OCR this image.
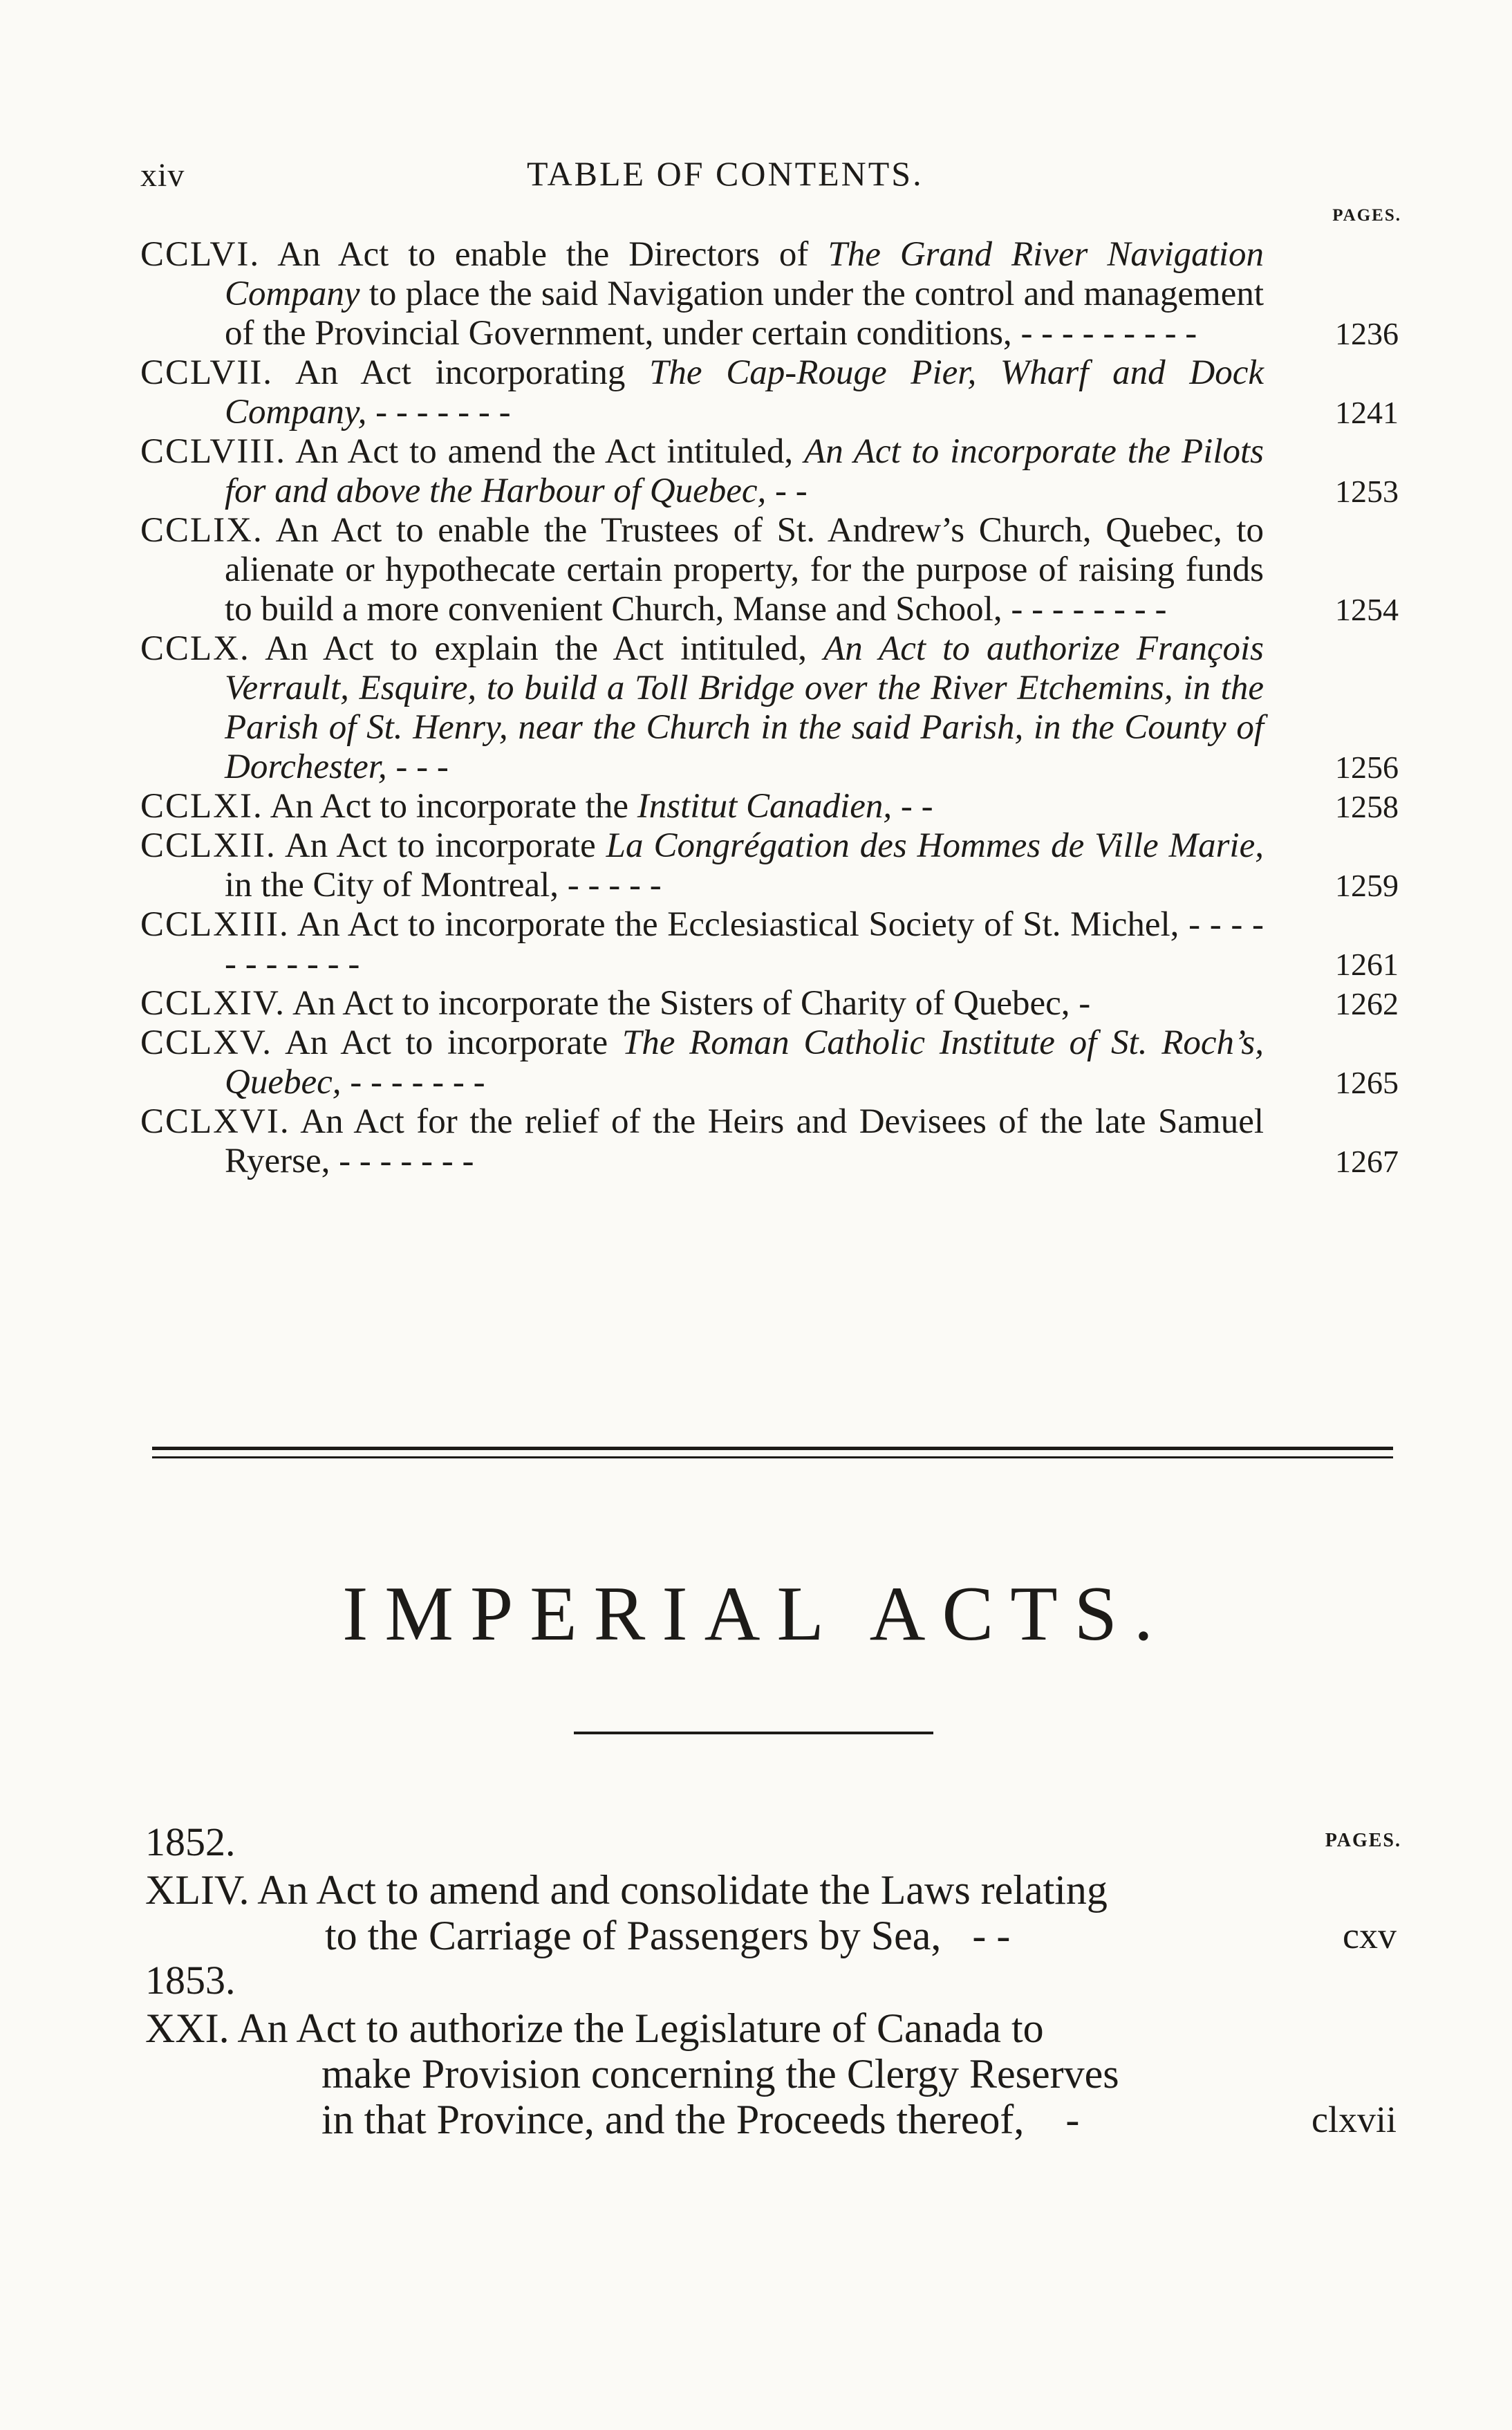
xiv	TABLE OF CONTENTS.
PAGES.
CCLVI. An Act to enable the Directors of The Grand River Navigation Company to place the said Navigation under the control and management of the Provincial Government, under certain conditions, - - - - - - - - -	1236
CCLVII. An Act incorporating The Cap-Rouge Pier, Wharf and Dock Company, - - - - - - -	1241
CCLVIII. An Act to amend the Act intituled, An Act to incorporate the Pilots for and above the Harbour of Quebec, - -	1253
CCLIX. An Act to enable the Trustees of St. Andrew’s Church, Quebec, to alienate or hypothecate certain property, for the purpose of raising funds to build a more convenient Church, Manse and School, - - - - - - - -	1254
CCLX. An Act to explain the Act intituled, An Act to authorize François Verrault, Esquire, to build a Toll Bridge over the River Etchemins, in the Parish of St. Henry, near the Church in the said Parish, in the County of Dorchester, - - -	1256
CCLXI. An Act to incorporate the Institut Canadien, - -	1258
CCLXII. An Act to incorporate La Congrégation des Hommes de Ville Marie, in the City of Montreal, - - - - -	1259
CCLXIII. An Act to incorporate the Ecclesiastical Society of St. Michel, - - - - - - - - - - -	1261
CCLXIV. An Act to incorporate the Sisters of Charity of Quebec, -	1262
CCLXV. An Act to incorporate The Roman Catholic Institute of St. Roch’s, Quebec, - - - - - - -	1265
CCLXVI. An Act for the relief of the Heirs and Devisees of the late Samuel Ryerse, - - - - - - -	1267
IMPERIAL ACTS.
1852.	PAGES.
XLIV. An Act to amend and consolidate the Laws relating
to the Carriage of Passengers by Sea, - -	cxv
1853.
XXI. An Act to authorize the Legislature of Canada to
make Provision concerning the Clergy Reserves
in that Province, and the Proceeds thereof, -	clxvii
